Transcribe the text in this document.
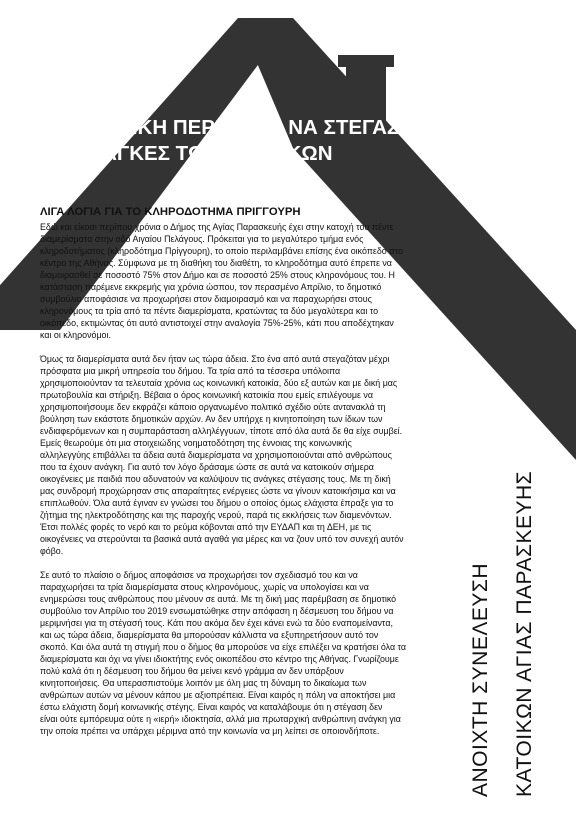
Η ΔΗΜΟΤΙΚΗ ΠΕΡΙΟΥΣΙΑ ΝΑ ΣΤΕΓΑΣΕΙ
ΤΙΣ ΑΝΑΓΚΕΣ ΤΩΝ ΚΑΤΟΙΚΩΝ
ΛΙΓΑ ΛΟΓΙΑ ΓΙΑ ΤΟ ΚΛΗΡΟΔΟΤΗΜΑ ΠΡΙΓΓΟΥΡΗ

Εδώ και είκοσι περίπου χρόνια ο Δήμος της Αγίας Παρασκευής έχει στην κατοχή του πέντε
διαμερίσματα στην οδό Αιγαίου Πελάγους. Πρόκειται για το μεγαλύτερο τμήμα ενός
κληροδοτήματος (κληροδότημα Πρίγγουρη), το οποίο περιλαμβάνει επίσης ένα οικόπεδο στο
κέντρο της Αθήνας. Σύμφωνα με τη διαθήκη του διαθέτη, το κληροδότημα αυτό έπρεπε να
διαμοιρασθεί σε ποσοστό 75% στον Δήμο και σε ποσοστό 25% στους κληρονόμους του. Η
κατάσταση παρέμενε εκκρεμής για χρόνια ώσπου, τον περασμένο Απρίλιο, το δημοτικό
συμβούλιο αποφάσισε να προχωρήσει στον διαμοιρασμό και να παραχωρήσει στους
κληρονόμους τα τρία από τα πέντε διαμερίσματα, κρατώντας τα δύο μεγαλύτερα και το
οικόπεδο, εκτιμώντας ότι αυτό αντιστοιχεί στην αναλογία 75%-25%, κάτι που αποδέχτηκαν
και οι κληρονόμοι.

Όμως τα διαμερίσματα αυτά δεν ήταν ως τώρα άδεια. Στο ένα από αυτά στεγαζόταν μέχρι
πρόσφατα μια μικρή υπηρεσία του δήμου. Τα τρία από τα τέσσερα υπόλοιπα
χρησιμοποιούνταν τα τελευταία χρόνια ως κοινωνική κατοικία, δύο εξ αυτών και με δική μας
πρωτοβουλία και στήριξη. Βέβαια ο όρος κοινωνική κατοικία που εμείς επιλέγουμε να
χρησιμοποιήσουμε δεν εκφράζει κάποιο οργανωμένο πολιτικό σχέδιο ούτε αντανακλά τη
βούληση των εκάστοτε δημοτικών αρχών. Αν δεν υπήρχε η κινητοποίηση των ίδιων των
ενδιαφερόμενων και η συμπαράσταση αλληλέγγυων, τίποτε από όλα αυτά δε θα είχε συμβεί.
Εμείς θεωρούμε ότι μια στοιχειώδης νοηματοδότηση της έννοιας της κοινωνικής
αλληλεγγύης επιβάλλει τα άδεια αυτά διαμερίσματα να χρησιμοποιούνται από ανθρώπους
που τα έχουν ανάγκη. Για αυτό τον λόγο δράσαμε ώστε σε αυτά να κατοικούν σήμερα
οικογένειες με παιδιά που αδυνατούν να καλύψουν τις ανάγκες στέγασης τους. Με τη δική
μας συνδρομή προχώρησαν στις απαραίτητες ενέργειες ώστε να γίνουν κατοικήσιμα και να
επιπλωθούν. Όλα αυτά έγιναν εν γνώσει του δήμου ο οποίος όμως ελάχιστα έπραξε για το
ζήτημα της ηλεκτροδότησης και της παροχής νερού, παρά τις εκκλήσεις των διαμενόντων.
Έτσι πολλές φορές το νερό και το ρεύμα κόβονται από την ΕΥΔΑΠ και τη ΔΕΗ, με τις
οικογένειες να στερούνται τα βασικά αυτά αγαθά για μέρες και να ζουν υπό τον συνεχή αυτόν
φόβο.

Σε αυτό το πλαίσιο ο δήμος αποφάσισε να προχωρήσει τον σχεδιασμό του και να
παραχωρήσει τα τρία διαμερίσματα στους κληρονόμους, χωρίς να υπολογίσει και να
ενημερώσει τους ανθρώπους που μένουν σε αυτά. Με τη δική μας παρέμβαση σε δημοτικό
συμβούλιο τον Απρίλιο του 2019 ενσωματώθηκε στην απόφαση η δέσμευση του δήμου να
μεριμνήσει για τη στέγασή τους. Κάτι που ακόμα δεν έχει κάνει ενώ τα δύο εναπομείναντα,
και ως τώρα άδεια, διαμερίσματα θα μπορούσαν κάλλιστα να εξυπηρετήσουν αυτό τον
σκοπό. Και όλα αυτά τη στιγμή που ο δήμος θα μπορούσε να είχε επιλέξει να κρατήσει όλα τα
διαμερίσματα και όχι να γίνει ιδιοκτήτης ενός οικοπέδου στο κέντρο της Αθήνας. Γνωρίζουμε
πολύ καλά ότι η δέσμευση του δήμου θα μείνει κενό γράμμα αν δεν υπάρξουν
κινητοποιήσεις. Θα υπερασπιστούμε λοιπόν με όλη μας τη δύναμη το δικαίωμα των
ανθρώπων αυτών να μένουν κάπου με αξιοπρέπεια. Είναι καιρός η πόλη να αποκτήσει μια
έστω ελάχιστη δομή κοινωνικής στέγης. Είναι καιρός να καταλάβουμε ότι η στέγαση δεν
είναι ούτε εμπόρευμα ούτε η «ιερή» ιδιοκτησία, αλλά μια πρωταρχική ανθρώπινη ανάγκη για
την οποία πρέπει να υπάρχει μέριμνα από την κοινωνία να μη λείπει σε οποιονδήποτε.	ΑΝΟΙΧΤΗ ΣΥΝΕΛΕΥΣΗ ΚΑΤΟΙΚΩΝ ΑΓΙΑΣ ΠΑΡΑΣΚΕΥΗΣ
